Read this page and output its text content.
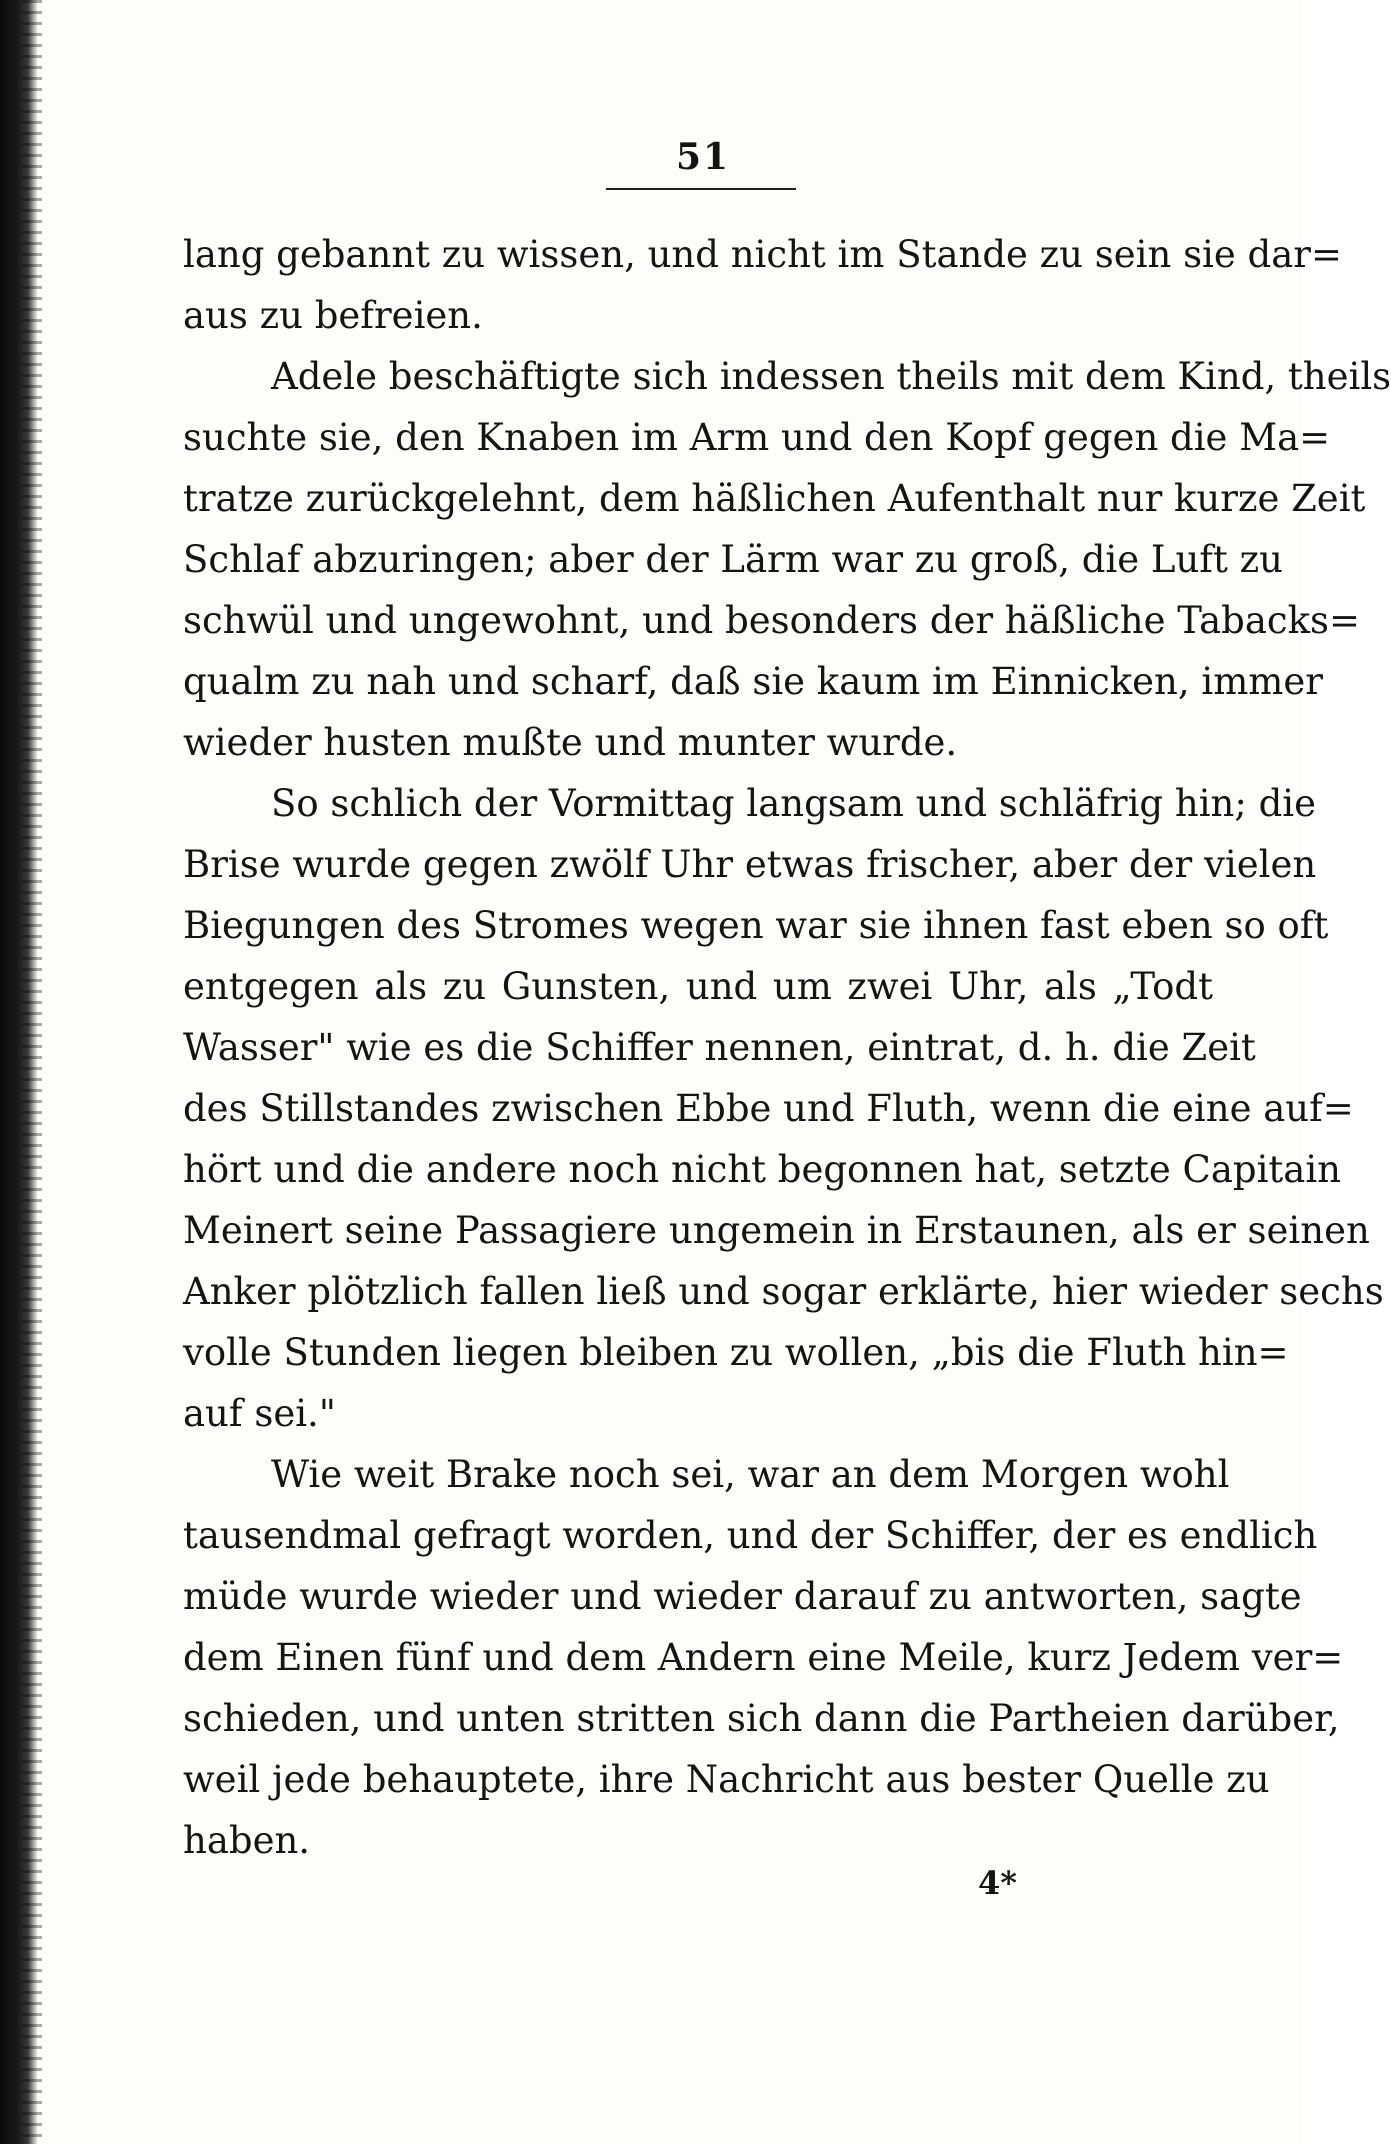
51
lang gebannt zu wissen, und nicht im Stande zu sein sie dar=
aus zu befreien.
Adele beschäftigte sich indessen theils mit dem Kind, theils
suchte sie, den Knaben im Arm und den Kopf gegen die Ma=
tratze zurückgelehnt, dem häßlichen Aufenthalt nur kurze Zeit
Schlaf abzuringen; aber der Lärm war zu groß, die Luft zu
schwül und ungewohnt, und besonders der häßliche Tabacks=
qualm zu nah und scharf, daß sie kaum im Einnicken, immer
wieder husten mußte und munter wurde.
So schlich der Vormittag langsam und schläfrig hin; die
Brise wurde gegen zwölf Uhr etwas frischer, aber der vielen
Biegungen des Stromes wegen war sie ihnen fast eben so oft
entgegen als zu Gunsten, und um zwei Uhr, als „Todt
Wasser" wie es die Schiffer nennen, eintrat, d. h. die Zeit
des Stillstandes zwischen Ebbe und Fluth, wenn die eine auf=
hört und die andere noch nicht begonnen hat, setzte Capitain
Meinert seine Passagiere ungemein in Erstaunen, als er seinen
Anker plötzlich fallen ließ und sogar erklärte, hier wieder sechs
volle Stunden liegen bleiben zu wollen, „bis die Fluth hin=
auf sei."
Wie weit Brake noch sei, war an dem Morgen wohl
tausendmal gefragt worden, und der Schiffer, der es endlich
müde wurde wieder und wieder darauf zu antworten, sagte
dem Einen fünf und dem Andern eine Meile, kurz Jedem ver=
schieden, und unten stritten sich dann die Partheien darüber,
weil jede behauptete, ihre Nachricht aus bester Quelle zu
haben.
4*
